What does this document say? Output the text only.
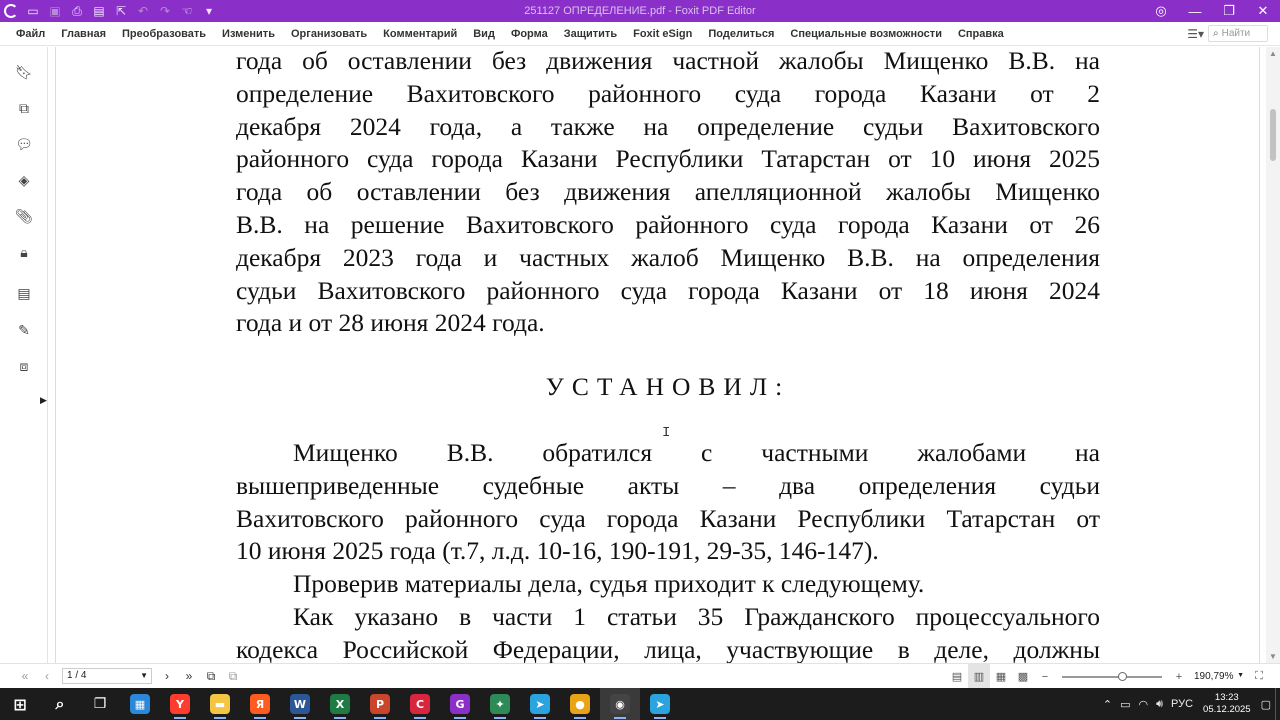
▭ ▣ ⎙ ▤ ⇱ ↶ ↷ ☜	▾	251127 ОПРЕДЕЛЕНИЕ.pdf - Foxit PDF Editor	◎	—	❐	✕
Файл	Главная	Преобразовать	Изменить	Организовать	Комментарий	Вид	Форма	Защитить	Foxit eSign	Поделиться	Специальные возможности	Справка	☰▾ ⌕ Найти
🔖︎
⧉
💬︎
◈
📎︎
🔒︎
▤
✎
⧈
▶
года об оставлении без движения частной жалобы Мищенко В.В. на
определение Вахитовского районного суда города Казани от 2
декабря 2024 года, а также на определение судьи Вахитовского
районного суда города Казани Республики Татарстан от 10 июня 2025
года об оставлении без движения апелляционной жалобы Мищенко
В.В. на решение Вахитовского районного суда города Казани от 26
декабря 2023 года и частных жалоб Мищенко В.В. на определения
судьи Вахитовского районного суда города Казани от 18 июня 2024
года и от 28 июня 2024 года.
УСТАНОВИЛ:
I
Мищенко В.В. обратился с частными жалобами на
вышеприведенные судебные акты – два определения судьи
Вахитовского районного суда города Казани Республики Татарстан от
10 июня 2025 года (т.7, л.д. 10-16, 190-191, 29-35, 146-147).
Проверив материалы дела, судья приходит к следующему.
Как указано в части 1 статьи 35 Гражданского процессуального
кодекса Российской Федерации, лица, участвующие в деле, должны
▲
▼
«	‹	1 / 4	▼	›	»	⧉	⧉	▤	▥	▦	▩	−	+	190,79% ▼	⛶
⊞	⌕	❐	▦	Y	▬	Я	W	X	P	C	G	✦	➤	●	◉	➤	⌃ ▭ ◠ 🔊︎ РУС
13:23
05.12.2025 ▢
